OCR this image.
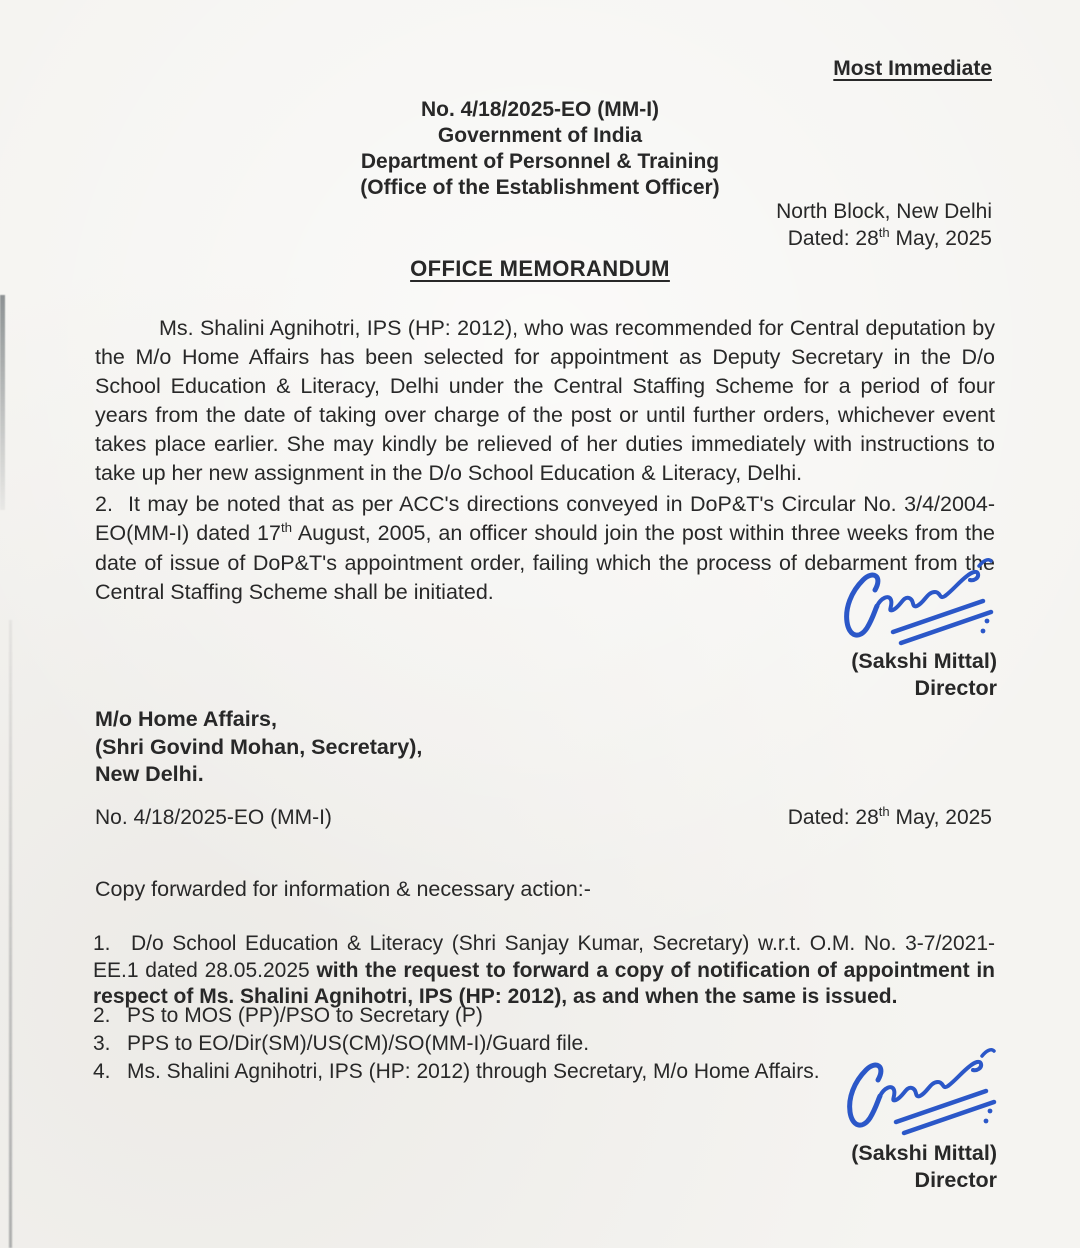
Most Immediate
No. 4/18/2025-EO (MM-I)
Government of India
Department of Personnel & Training
(Office of the Establishment Officer)
North Block, New Delhi
Dated: 28th May, 2025
OFFICE MEMORANDUM

Ms. Shalini Agnihotri, IPS (HP: 2012), who was recommended for Central deputation by the M/o Home Affairs has been selected for appointment as Deputy Secretary in the D/o School Education & Literacy, Delhi under the Central Staffing Scheme for a period of four years from the date of taking over charge of the post or until further orders, whichever event takes place earlier. She may kindly be relieved of her duties immediately with instructions to take up her new assignment in the D/o School Education & Literacy, Delhi.

2. It may be noted that as per ACC's directions conveyed in DoP&T's Circular No. 3/4/2004-EO(MM-I) dated 17th August, 2005, an officer should join the post within three weeks from the date of issue of DoP&T's appointment order, failing which the process of debarment from the Central Staffing Scheme shall be initiated.

(Sakshi Mittal)
Director
M/o Home Affairs,
(Shri Govind Mohan, Secretary),
New Delhi.
No. 4/18/2025-EO (MM-I)	Dated: 28th May, 2025
Copy forwarded for information & necessary action:-

1. D/o School Education & Literacy (Shri Sanjay Kumar, Secretary) w.r.t. O.M. No. 3-7/2021-EE.1 dated 28.05.2025 with the request to forward a copy of notification of appointment in respect of Ms. Shalini Agnihotri, IPS (HP: 2012), as and when the same is issued.

2. PS to MOS (PP)/PSO to Secretary (P)
3. PPS to EO/Dir(SM)/US(CM)/SO(MM-I)/Guard file.
4. Ms. Shalini Agnihotri, IPS (HP: 2012) through Secretary, M/o Home Affairs.
(Sakshi Mittal)
Director
